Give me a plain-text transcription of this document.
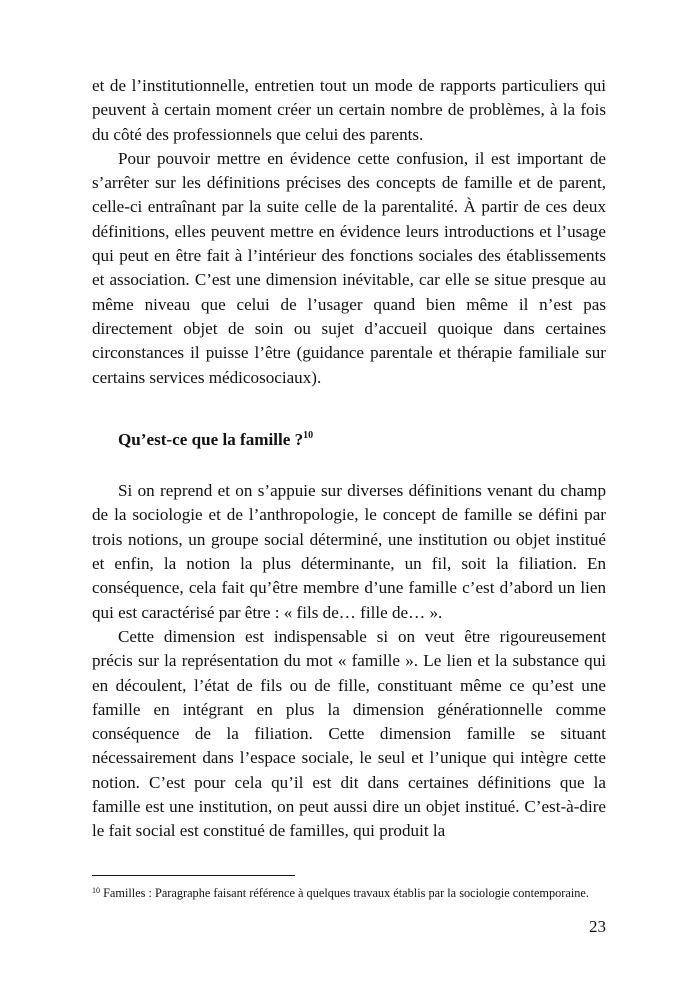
et de l’institutionnelle, entretien tout un mode de rapports particuliers qui peuvent à certain moment créer un certain nombre de problèmes, à la fois du côté des professionnels que celui des parents.

Pour pouvoir mettre en évidence cette confusion, il est important de s’arrêter sur les définitions précises des concepts de famille et de parent, celle-ci entraînant par la suite celle de la parentalité. À partir de ces deux définitions, elles peuvent mettre en évidence leurs introductions et l’usage qui peut en être fait à l’intérieur des fonctions sociales des établissements et association. C’est une dimension inévitable, car elle se situe presque au même niveau que celui de l’usager quand bien même il n’est pas directement objet de soin ou sujet d’accueil quoique dans certaines circonstances il puisse l’être (guidance parentale et thérapie familiale sur certains services médicosociaux).

Qu’est-ce que la famille ?$^{10}$

Si on reprend et on s’appuie sur diverses définitions venant du champ de la sociologie et de l’anthropologie, le concept de famille se défini par trois notions, un groupe social déterminé, une institution ou objet institué et enfin, la notion la plus déterminante, un fil, soit la filiation. En conséquence, cela fait qu’être membre d’une famille c’est d’abord un lien qui est caractérisé par être : « fils de… fille de… ».

Cette dimension est indispensable si on veut être rigoureusement précis sur la représentation du mot « famille ». Le lien et la substance qui en découlent, l’état de fils ou de fille, constituant même ce qu’est une famille en intégrant en plus la dimension générationnelle comme conséquence de la filiation. Cette dimension famille se situant nécessairement dans l’espace sociale, le seul et l’unique qui intègre cette notion. C’est pour cela qu’il est dit dans certaines définitions que la famille est une institution, on peut aussi dire un objet institué. C’est-à-dire le fait social est constitué de familles, qui produit la

$^{10}$ Familles : Paragraphe faisant référence à quelques travaux établis par la sociologie contemporaine.

23
